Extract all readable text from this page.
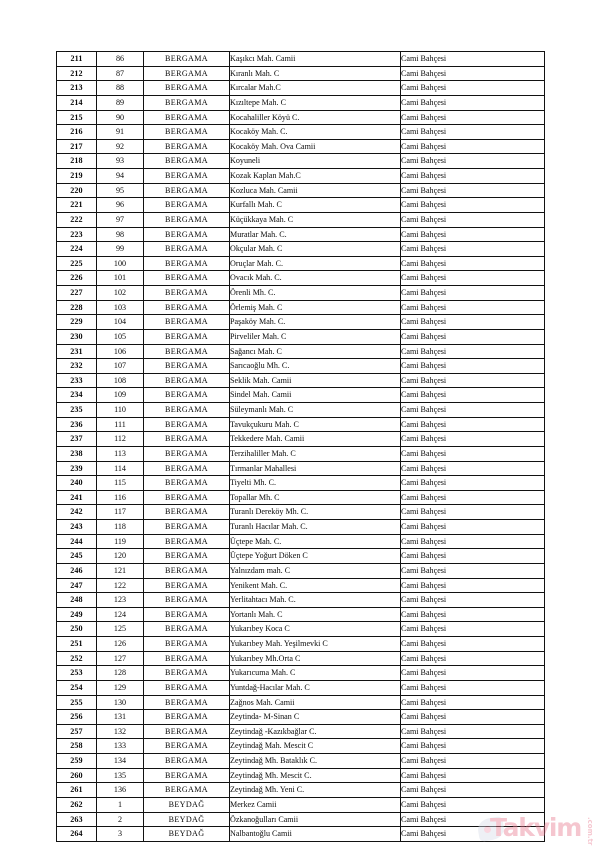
211	86	BERGAMA	Kaşıkcı Mah. Camii	Cami Bahçesi
212	87	BERGAMA	Kıranlı Mah. C	Cami Bahçesi
213	88	BERGAMA	Kırcalar Mah.C	Cami Bahçesi
214	89	BERGAMA	Kızıltepe Mah. C	Cami Bahçesi
215	90	BERGAMA	Kocahaliller Köyü C.	Cami Bahçesi
216	91	BERGAMA	Kocaköy Mah. C.	Cami Bahçesi
217	92	BERGAMA	Kocaköy Mah. Ova Camii	Cami Bahçesi
218	93	BERGAMA	Koyuneli	Cami Bahçesi
219	94	BERGAMA	Kozak Kaplan Mah.C	Cami Bahçesi
220	95	BERGAMA	Kozluca Mah. Camii	Cami Bahçesi
221	96	BERGAMA	Kurfallı Mah. C	Cami Bahçesi
222	97	BERGAMA	Küçükkaya Mah. C	Cami Bahçesi
223	98	BERGAMA	Muratlar Mah. C.	Cami Bahçesi
224	99	BERGAMA	Okçular Mah. C	Cami Bahçesi
225	100	BERGAMA	Oruçlar Mah. C.	Cami Bahçesi
226	101	BERGAMA	Ovacık Mah. C.	Cami Bahçesi
227	102	BERGAMA	Örenli Mh. C.	Cami Bahçesi
228	103	BERGAMA	Örlemiş Mah. C	Cami Bahçesi
229	104	BERGAMA	Paşaköy Mah. C.	Cami Bahçesi
230	105	BERGAMA	Pirveliler Mah. C	Cami Bahçesi
231	106	BERGAMA	Sağancı Mah. C	Cami Bahçesi
232	107	BERGAMA	Sarıcaoğlu Mh. C.	Cami Bahçesi
233	108	BERGAMA	Seklik Mah. Camii	Cami Bahçesi
234	109	BERGAMA	Sindel Mah. Camii	Cami Bahçesi
235	110	BERGAMA	Süleymanlı Mah. C	Cami Bahçesi
236	111	BERGAMA	Tavukçukuru Mah. C	Cami Bahçesi
237	112	BERGAMA	Tekkedere Mah. Camii	Cami Bahçesi
238	113	BERGAMA	Terzihaliller Mah. C	Cami Bahçesi
239	114	BERGAMA	Tırmanlar Mahallesi	Cami Bahçesi
240	115	BERGAMA	Tiyelti Mh. C.	Cami Bahçesi
241	116	BERGAMA	Topallar Mh. C	Cami Bahçesi
242	117	BERGAMA	Turanlı Dereköy Mh. C.	Cami Bahçesi
243	118	BERGAMA	Turanlı Hacılar Mah. C.	Cami Bahçesi
244	119	BERGAMA	Üçtepe Mah. C.	Cami Bahçesi
245	120	BERGAMA	Üçtepe Yoğurt Döken C	Cami Bahçesi
246	121	BERGAMA	Yalnızdam mah. C	Cami Bahçesi
247	122	BERGAMA	Yenikent Mah. C.	Cami Bahçesi
248	123	BERGAMA	Yerlitahtacı Mah. C.	Cami Bahçesi
249	124	BERGAMA	Yortanlı Mah. C	Cami Bahçesi
250	125	BERGAMA	Yukarıbey Koca C	Cami Bahçesi
251	126	BERGAMA	Yukarıbey Mah. Yeşilmevki C	Cami Bahçesi
252	127	BERGAMA	Yukarıbey Mh.Orta C	Cami Bahçesi
253	128	BERGAMA	Yukarıcuma Mah. C	Cami Bahçesi
254	129	BERGAMA	Yuntdağ-Hacılar Mah. C	Cami Bahçesi
255	130	BERGAMA	Zağnos Mah. Camii	Cami Bahçesi
256	131	BERGAMA	Zeytinda- M-Sinan C	Cami Bahçesi
257	132	BERGAMA	Zeytindağ -Kazıkbağlar C.	Cami Bahçesi
258	133	BERGAMA	Zeytindağ Mah. Mescit C	Cami Bahçesi
259	134	BERGAMA	Zeytindağ Mh. Bataklık C.	Cami Bahçesi
260	135	BERGAMA	Zeytindağ Mh. Mescit C.	Cami Bahçesi
261	136	BERGAMA	Zeytindağ Mh. Yeni C.	Cami Bahçesi
262	1	BEYDAĞ	Merkez Camii	Cami Bahçesi
263	2	BEYDAĞ	Özkanoğulları Camii	Cami Bahçesi
264	3	BEYDAĞ	Nalbantoğlu Camii	Cami Bahçesi Takvim .com.tr
